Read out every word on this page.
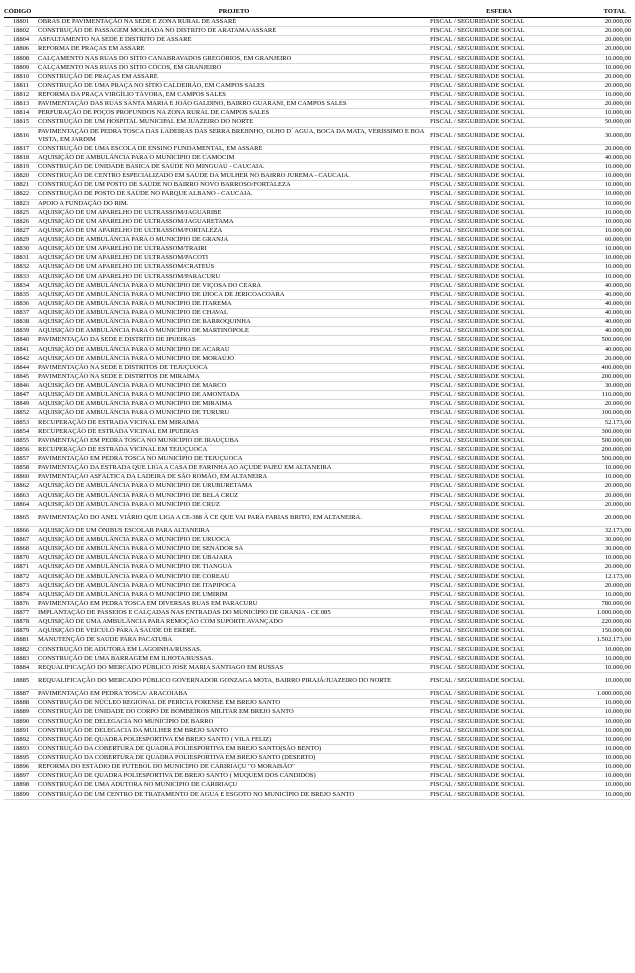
CÓDIGO	PROJETO	ESFERA	TOTAL
18801	OBRAS DE PAVIMENTAÇÃO NA SEDE E ZONA RURAL DE ASSARÉ	FISCAL / SEGURIDADE SOCIAL	20.000,00
18802	CONSTRUÇÃO DE PASSAGEM MOLHADA NO DISTRITO DE ARATAMA/ASSARÉ	FISCAL / SEGURIDADE SOCIAL	20.000,00
18804	ASFALTAMENTO NA SEDE E DISTRITO DE ASSARÉ	FISCAL / SEGURIDADE SOCIAL	20.000,00
18806	REFORMA DE PRAÇAS EM ASSARÉ	FISCAL / SEGURIDADE SOCIAL	20.000,00
18808	CALÇAMENTO NAS RUAS DO SÍTIO CANABRAVADOS GREGÓRIOS, EM GRANJEIRO	FISCAL / SEGURIDADE SOCIAL	10.000,00
18809	CALÇAMENTO NAS RUAS DO SÍTIO CÓCOS, EM GRANJEIRO	FISCAL / SEGURIDADE SOCIAL	10.000,00
18810	CONSTRUÇÃO DE PRAÇAS EM ASSARÉ	FISCAL / SEGURIDADE SOCIAL	20.000,00
18811	CONSTRUÇÃO DE UMA PRAÇA NO SÍTIO CALDEIRÃO, EM CAMPOS SALES	FISCAL / SEGURIDADE SOCIAL	20.000,00
18812	REFORMA DA PRAÇA VIRGÍLIO TÁVORA, EM CAMPOS SALES	FISCAL / SEGURIDADE SOCIAL	10.000,00
18813	PAVIMENTAÇÃO DAS RUAS SANTA MARIA E JOÃO GALDINO, BAIRRO GUARANI, EM CAMPOS SALES	FISCAL / SEGURIDADE SOCIAL	20.000,00
18814	PERFURAÇÃO DE POÇOS PROFUNDOS NA ZONA RURAL DE CAMPOS SALES	FISCAL / SEGURIDADE SOCIAL	10.000,00
18815	CONSTRUÇÃO DE UM HOSPITAL MUNICIPAL EM JUAZEIRO DO NORTE	FISCAL / SEGURIDADE SOCIAL	50.000,00
18816	PAVIMENTAÇÃO DE PEDRA TOSCA DAS LADEIRAS DAS SERRA BREJINHO, OLHO D´ AGUA, BOCA DA MATA, VERÍSSIMO E BOA VISTA, EM JARDIM	FISCAL / SEGURIDADE SOCIAL	30.000,00
18817	CONSTRUÇÃO DE UMA ESCOLA DE ENSINO FUNDAMENTAL, EM ASSARÉ	FISCAL / SEGURIDADE SOCIAL	20.000,00
18818	AQUISIÇÃO DE AMBULÂNCIA PARA O MUNICÍPIO DE CAMOCIM	FISCAL / SEGURIDADE SOCIAL	40.000,00
18819	CONSTRUÇÃO DE UNIDADE BÁSICA DE SAÚDE NO MINGUAÚ - CAUCAIA.	FISCAL / SEGURIDADE SOCIAL	10.000,00
18820	CONSTRUÇÃO DE CENTRO ESPECIALIZADO EM SAÚDE DA MULHER NO BAIRRO JUREMA - CAUCAIA.	FISCAL / SEGURIDADE SOCIAL	10.000,00
18821	CONSTRUÇÃO DE UM POSTO DE SAÚDE NO BAIRRO NOVO BARROSO/FORTALEZA	FISCAL / SEGURIDADE SOCIAL	10.000,00
18822	CONSTRUÇÃO DE POSTO DE SAÚDE NO PARQUE ALBANO - CAUCAIA.	FISCAL / SEGURIDADE SOCIAL	10.000,00
18823	APOIO A FUNDAÇÃO DO RIM.	FISCAL / SEGURIDADE SOCIAL	10.000,00
18825	AQUISIÇÃO DE UM APARELHO DE ULTRASSOM/JAGUARIBE	FISCAL / SEGURIDADE SOCIAL	10.000,00
18826	AQUISIÇÃO DE UM APARELHO DE ULTRASSOM/JAGUARETAMA	FISCAL / SEGURIDADE SOCIAL	10.000,00
18827	AQUISIÇÃO DE UM APARELHO DE ULTRASSOM/FORTALEZA	FISCAL / SEGURIDADE SOCIAL	10.000,00
18829	AQUISIÇÃO DE AMBULÂNCIA PARA O MUNICÍPIO DE GRANJA	FISCAL / SEGURIDADE SOCIAL	60.000,00
18830	AQUISIÇÃO DE UM APARELHO DE ULTRASSOM/TRAIRI	FISCAL / SEGURIDADE SOCIAL	10.000,00
18831	AQUISIÇÃO DE UM APARELHO DE ULTRASSOM/PACOTI	FISCAL / SEGURIDADE SOCIAL	10.000,00
18832	AQUISIÇÃO DE UM APARELHO DE ULTRASSOM/CRATEÚS	FISCAL / SEGURIDADE SOCIAL	10.000,00
18833	AQUISIÇÃO DE UM APARELHO DE ULTRASSOM/PARACURU	FISCAL / SEGURIDADE SOCIAL	10.000,00
18834	AQUISIÇÃO DE AMBULÂNCIA PARA O MUNICÍPIO DE VIÇOSA DO CEARÁ	FISCAL / SEGURIDADE SOCIAL	40.000,00
18835	AQUISIÇÃO DE AMBULÂNCIA PARA O MUNICÍPIO DE IJIOCA DE JERICOACOARA	FISCAL / SEGURIDADE SOCIAL	40.000,00
18836	AQUISIÇÃO DE AMBULÂNCIA PARA O MUNICÍPIO DE ITAREMA	FISCAL / SEGURIDADE SOCIAL	40.000,00
18837	AQUISIÇÃO DE AMBULÂNCIA PARA O MUNICÍPIO DE CHAVAL	FISCAL / SEGURIDADE SOCIAL	40.000,00
18838	AQUISIÇÃO DE AMBULÂNCIA PARA O MUNICÍPIO DE BARROQUINHA	FISCAL / SEGURIDADE SOCIAL	40.000,00
18839	AQUISIÇÃO DE AMBULÂNCIA PARA O MUNICÍPIO DE MARTINÓPOLE	FISCAL / SEGURIDADE SOCIAL	40.000,00
18840	PAVIMENTAÇÃO DA SEDE E DISTRITO DE IPUEIRAS	FISCAL / SEGURIDADE SOCIAL	500.000,00
18841	AQUISIÇÃO DE AMBULÂNCIA PARA O MUNICÍPIO DE ACARAÚ	FISCAL / SEGURIDADE SOCIAL	40.000,00
18842	AQUISIÇÃO DE AMBULÂNCIA PARA O MUNICÍPIO DE MORAÚJO	FISCAL / SEGURIDADE SOCIAL	20.000,00
18844	PAVIMENTAÇÃO NA SEDE E DISTRITOS DE TEJUÇUOCA	FISCAL / SEGURIDADE SOCIAL	400.000,00
18845	PAVIMENTAÇÃO NA SEDE E DISTRITOS DE MIRAÍMA	FISCAL / SEGURIDADE SOCIAL	200.000,00
18846	AQUISIÇÃO DE AMBULÂNCIA PARA O MUNICÍPIO DE MARCO	FISCAL / SEGURIDADE SOCIAL	30.000,00
18847	AQUISIÇÃO DE AMBULÂNCIA PARA O MUNICÍPIO DE AMONTADA	FISCAL / SEGURIDADE SOCIAL	110.000,00
18849	AQUISIÇÃO DE AMBULÂNCIA PARA O MUNICÍPIO DE MIRAÍMA	FISCAL / SEGURIDADE SOCIAL	20.000,00
18852	AQUISIÇÃO DE AMBULÂNCIA PARA O MUNICÍPIO DE TURURU	FISCAL / SEGURIDADE SOCIAL	100.000,00
18853	RECUPERAÇÃO DE ESTRADA VICINAL EM MIRAIMA	FISCAL / SEGURIDADE SOCIAL	52.173,00
18854	RECUPERAÇÃO DE ESTRADA VICINAL EM IPUEIRAS	FISCAL / SEGURIDADE SOCIAL	300.000,00
18855	PAVIMENTAÇÃO EM PEDRA TOSCA NO MUNICÍPIO DE IRAUÇUBA	FISCAL / SEGURIDADE SOCIAL	500.000,00
18856	RECUPERAÇÃO DE ESTRADA VICINAL EM TEJUÇUOCA	FISCAL / SEGURIDADE SOCIAL	200.000,00
18857	PAVIMENTAÇÃO EM PEDRA TOSCA NO MUNICÍPIO DE TEJUÇUOCA	FISCAL / SEGURIDADE SOCIAL	500.000,00
18858	PAVIMENTAÇÃO DA ESTRADA QUE LIGA A CASA DE FARINHA AO AÇUDE PAJEÚ EM ALTANEIRA	FISCAL / SEGURIDADE SOCIAL	10.000,00
18860	PAVIMENTAÇÃO ASFÁLTICA DA LADEIRA DE SÃO ROMÃO, EM ALTANEIRA	FISCAL / SEGURIDADE SOCIAL	10.000,00
18862	AQUISIÇÃO DE AMBULÂNCIA PARA O MUNICÍPIO DE URUBURETAMA	FISCAL / SEGURIDADE SOCIAL	20.000,00
18863	AQUISIÇÃO DE AMBULÂNCIA PARA O MUNICÍPIO DE BELA CRUZ	FISCAL / SEGURIDADE SOCIAL	20.000,00
18864	AQUISIÇÃO DE AMBULÂNCIA PARA O MUNICÍPIO DE CRUZ	FISCAL / SEGURIDADE SOCIAL	20.000,00
18865	PAVIMENTAÇÃO DO ANEL VIÁRIO QUE LIGA A CE-388 À CE QUE VAI PARA FARIAS BRITO, EM ALTANEIRA.	FISCAL / SEGURIDADE SOCIAL	20.000,00
18866	AQUISIÇÃO DE UM ÔNIBUS ESCOLAR PARA ALTANEIRA	FISCAL / SEGURIDADE SOCIAL	32.173,00
18867	AQUISIÇÃO DE AMBULÂNCIA PARA O MUNICÍPIO DE URUOCA	FISCAL / SEGURIDADE SOCIAL	30.000,00
18868	AQUISIÇÃO DE AMBULÂNCIA PARA O MUNICÍPIO DE SENADOR SÁ	FISCAL / SEGURIDADE SOCIAL	30.000,00
18870	AQUISIÇÃO DE AMBULÂNCIA PARA O MUNICÍPIO DE UBAJARA	FISCAL / SEGURIDADE SOCIAL	10.000,00
18871	AQUISIÇÃO DE AMBULÂNCIA PARA O MUNICÍPIO DE TIANGUÁ	FISCAL / SEGURIDADE SOCIAL	20.000,00
18872	AQUISIÇÃO DE AMBULÂNCIA PARA O MUNICÍPIO DE COREAÚ	FISCAL / SEGURIDADE SOCIAL	12.173,00
18873	AQUISIÇÃO DE AMBULÂNCIA PARA O MUNICÍPIO DE ITAPIPOCA	FISCAL / SEGURIDADE SOCIAL	20.000,00
18874	AQUISIÇÃO DE AMBULÂNCIA PARA O MUNICÍPIO DE UMIRIM	FISCAL / SEGURIDADE SOCIAL	10.000,00
18876	PAVIMENTAÇÃO EM PEDRA TOSCA EM DIVERSAS RUAS EM PARACURU	FISCAL / SEGURIDADE SOCIAL	780.000,00
18877	IMPLANTAÇÃO DE PASSEIOS E CALÇADAS NAS ENTRADAS DO MUNICÍPIO DE GRANJA - CE 085	FISCAL / SEGURIDADE SOCIAL	1.000.000,00
18878	AQUISIÇÃO DE UMA AMBULÂNCIA PARA REMOÇÃO COM SUPORTE AVANÇADO	FISCAL / SEGURIDADE SOCIAL	220.000,00
18879	AQUISIÇÃO DE VEÍCULO PARA A SAÚDE DE ERERÉ.	FISCAL / SEGURIDADE SOCIAL	150.000,00
18881	MANUTENÇÃO DE SAÚDE PARA PACATUBA	FISCAL / SEGURIDADE SOCIAL	1.502.173,00
18882	CONSTRUÇÃO DE ADUTORA EM LAGOINHA/RUSSAS.	FISCAL / SEGURIDADE SOCIAL	10.000,00
18883	CONSTRUÇÃO DE UMA BARRAGEM EM ILHOTA/RUSSAS.	FISCAL / SEGURIDADE SOCIAL	10.000,00
18884	REQUALIFICAÇÃO DO MERCADO PÚBLICO JOSÉ MARIA SANTIAGO EM RUSSAS	FISCAL / SEGURIDADE SOCIAL	10.000,00
18885	REQUALIFICAÇÃO DO MERCADO PÚBLICO GOVERNADOR GONZAGA MOTA, BAIRRO PIRAJÁ/JUAZEIRO DO NORTE	FISCAL / SEGURIDADE SOCIAL	10.000,00
18887	PAVIMENTAÇÃO EM PEDRA TOSCA/ ARACOIABA	FISCAL / SEGURIDADE SOCIAL	1.000.000,00
18888	CONSTRUÇÃO DE NÚCLEO REGIONAL DE PERÍCIA FORENSE EM BREJO SANTO	FISCAL / SEGURIDADE SOCIAL	10.000,00
18889	CONSTRUÇÃO DE UNIDADE DO CORPO DE BOMBEIROS MILITAR EM BREJO SANTO	FISCAL / SEGURIDADE SOCIAL	10.000,00
18890	CONSTRUÇÃO DE DELEGACIA NO MUNICÍPIO DE BARRO	FISCAL / SEGURIDADE SOCIAL	10.000,00
18891	CONSTRUÇÃO DE DELEGACIA DA MULHER EM BREJO SANTO	FISCAL / SEGURIDADE SOCIAL	10.000,00
18892	CONSTRUÇÃO DE QUADRA POLIESPORTIVA EM BREJO SANTO ( VILA FELIZ)	FISCAL / SEGURIDADE SOCIAL	10.000,00
18893	CONSTRUÇÃO DA COBERTURA DE QUADRA POLIESPORTIVA EM BREJO SANTO(SÃO BENTO)	FISCAL / SEGURIDADE SOCIAL	10.000,00
18895	CONSTRUÇÃO DA COBERTURA DE QUADRA POLIESPORTIVA EM BREJO SANTO (DESERTO)	FISCAL / SEGURIDADE SOCIAL	10.000,00
18896	REFORMA DO ESTÁDIO DE FUTEBOL DO MUNICÍPIO DE CARIRIAÇU "O MORAISÃO"	FISCAL / SEGURIDADE SOCIAL	10.000,00
18897	CONSTRUÇÃO DE QUADRA POLIESPORTIVA DE BREJO SANTO ( MUQUEM DOS CANDIDOS)	FISCAL / SEGURIDADE SOCIAL	10.000,00
18898	CONSTRUÇÃO DE UMA ADUTORA NO MUNICÍPIO DE CARIRIAÇU	FISCAL / SEGURIDADE SOCIAL	10.000,00
18899	CONSTRUÇÃO DE UM CENTRO DE TRATAMENTO DE AGUA E ESGOTO NO MUNICÍPIO DE BREJO SANTO	FISCAL / SEGURIDADE SOCIAL	10.000,00
